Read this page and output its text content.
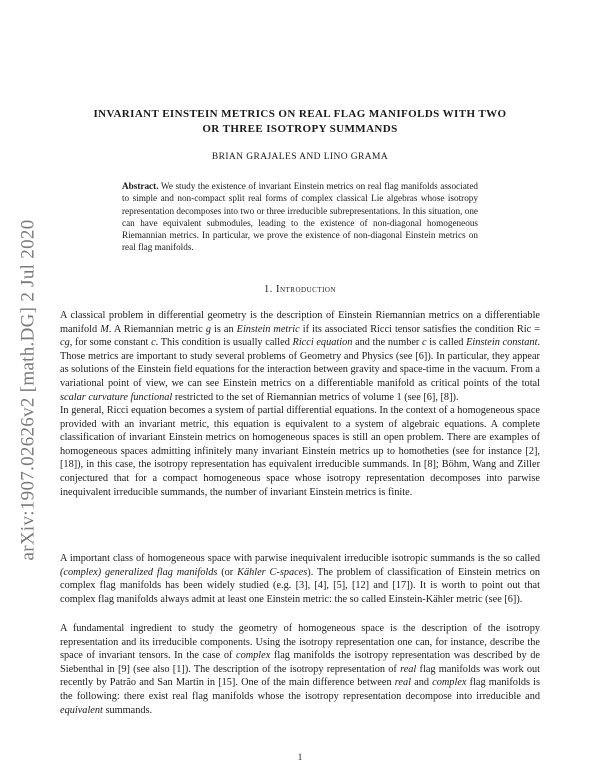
arXiv:1907.02626v2 [math.DG] 2 Jul 2020
INVARIANT EINSTEIN METRICS ON REAL FLAG MANIFOLDS WITH TWO
OR THREE ISOTROPY SUMMANDS
BRIAN GRAJALES AND LINO GRAMA
Abstract. We study the existence of invariant Einstein metrics on real flag manifolds associated to simple and non-compact split real forms of complex classical Lie algebras whose isotropy representation decomposes into two or three irreducible subrepresentations. In this situation, one can have equivalent submodules, leading to the existence of non-diagonal homogeneous Riemannian metrics. In particular, we prove the existence of non-diagonal Einstein metrics on real flag manifolds.
1. Introduction

A classical problem in differential geometry is the description of Einstein Riemannian metrics on a differentiable manifold M. A Riemannian metric g is an Einstein metric if its associated Ricci tensor satisfies the condition Ric = cg, for some constant c. This condition is usually called Ricci equation and the number c is called Einstein constant. Those metrics are important to study several problems of Geometry and Physics (see [6]). In particular, they appear as solutions of the Einstein field equations for the interaction between gravity and space-time in the vacuum. From a variational point of view, we can see Einstein metrics on a differentiable manifold as critical points of the total scalar curvature functional restricted to the set of Riemannian metrics of volume 1 (see [6], [8]).

In general, Ricci equation becomes a system of partial differential equations. In the context of a homogeneous space provided with an invariant metric, this equation is equivalent to a system of algebraic equations. A complete classification of invariant Einstein metrics on homogeneous spaces is still an open problem. There are examples of homogeneous spaces admitting infinitely many invariant Einstein metrics up to homotheties (see for instance [2], [18]), in this case, the isotropy representation has equivalent irreducible summands. In [8]; Böhm, Wang and Ziller conjectured that for a compact homogeneous space whose isotropy representation decomposes into parwise inequivalent irreducible summands, the number of invariant Einstein metrics is finite.

A important class of homogeneous space with parwise inequivalent irreducible isotropic summands is the so called (complex) generalized flag manifolds (or Kähler C-spaces). The problem of classification of Einstein metrics on complex flag manifolds has been widely studied (e.g. [3], [4], [5], [12] and [17]). It is worth to point out that complex flag manifolds always admit at least one Einstein metric: the so called Einstein-Kähler metric (see [6]).

A fundamental ingredient to study the geometry of homogeneous space is the description of the isotropy representation and its irreducible components. Using the isotropy representation one can, for instance, describe the space of invariant tensors. In the case of complex flag manifolds the isotropy representation was described by de Siebenthal in [9] (see also [1]). The description of the isotropy representation of real flag manifolds was work out recently by Patrão and San Martin in [15]. One of the main difference between real and complex flag manifolds is the following: there exist real flag manifolds whose the isotropy representation decompose into irreducible and equivalent summands.

1
